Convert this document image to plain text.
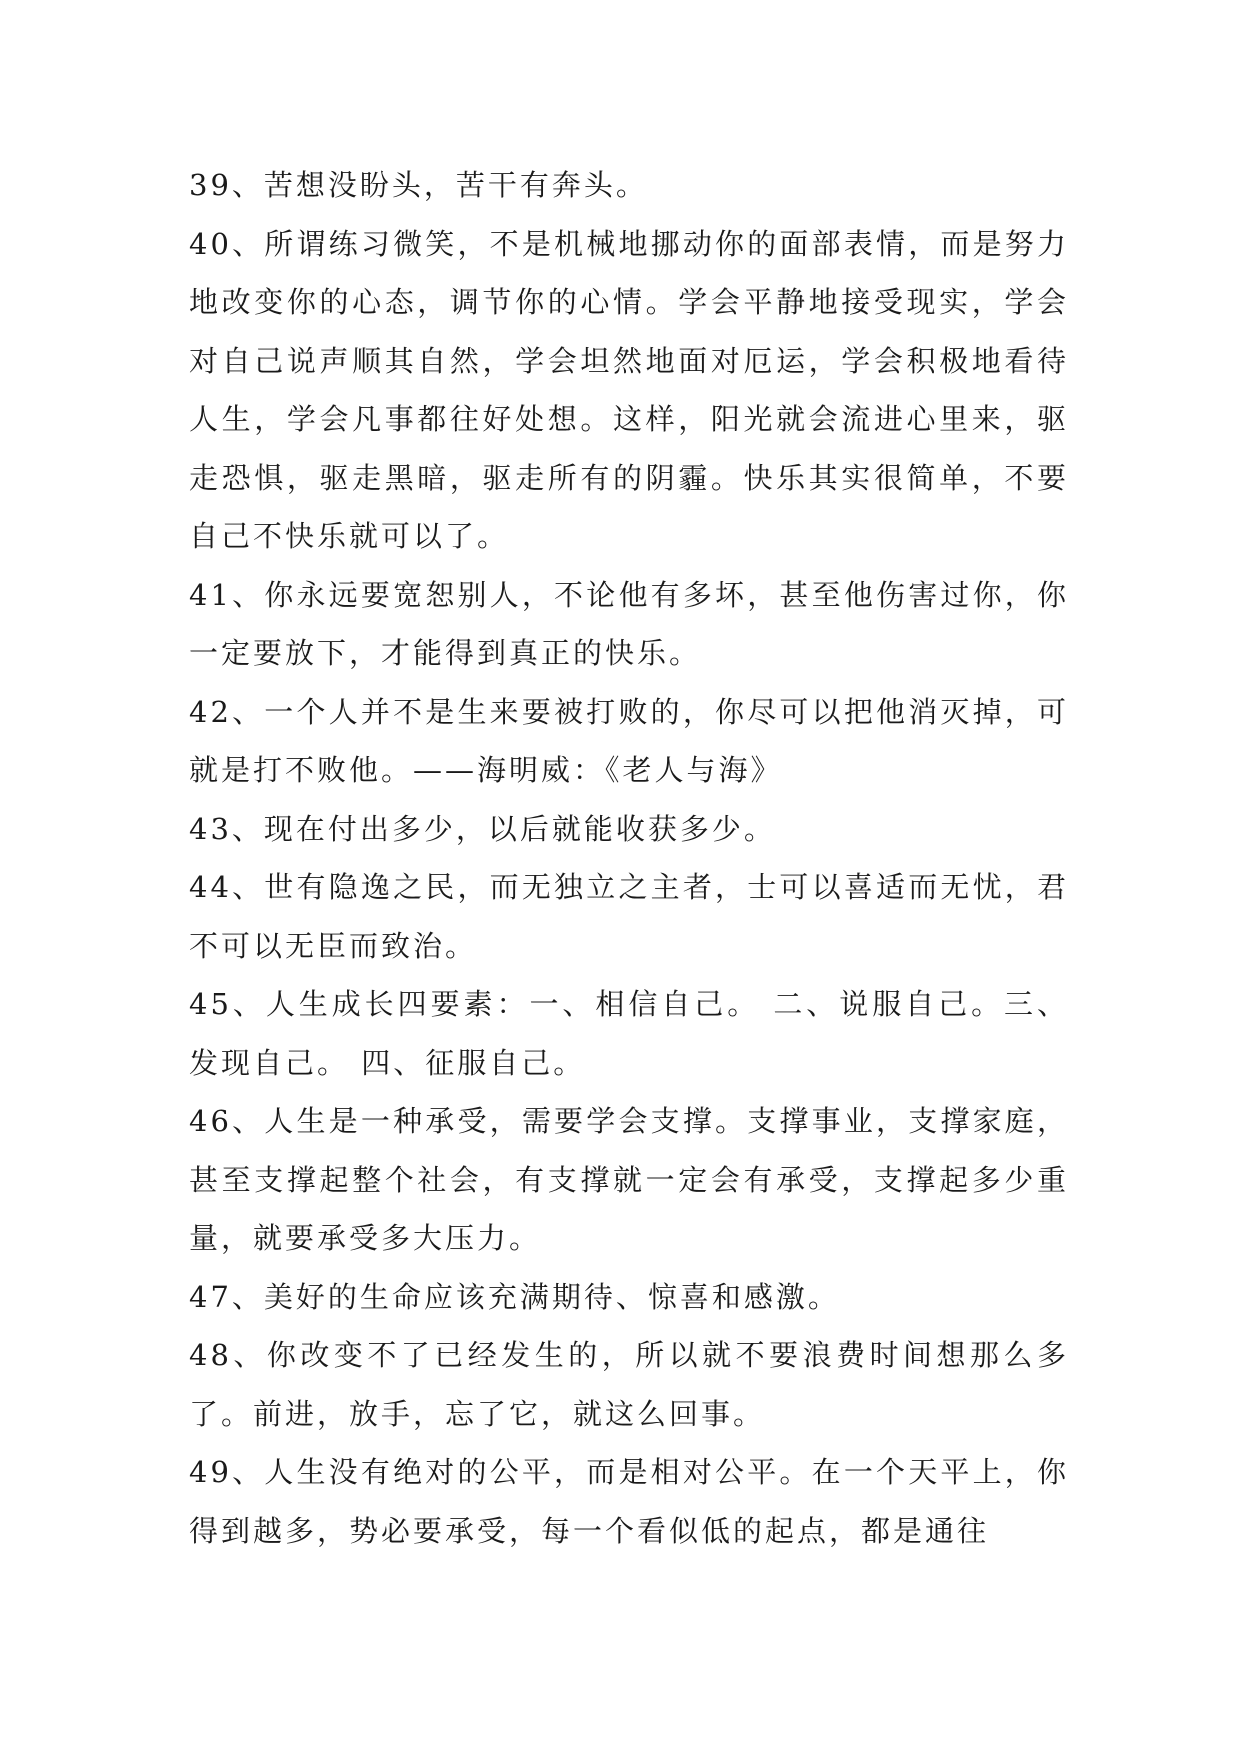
39、苦想没盼头，苦干有奔头。

40、所谓练习微笑，不是机械地挪动你的面部表情，而是努力地改变你的心态，调节你的心情。学会平静地接受现实，学会对自己说声顺其自然，学会坦然地面对厄运，学会积极地看待人生，学会凡事都往好处想。这样，阳光就会流进心里来，驱走恐惧，驱走黑暗，驱走所有的阴霾。快乐其实很简单，不要自己不快乐就可以了。

41、你永远要宽恕别人，不论他有多坏，甚至他伤害过你，你一定要放下，才能得到真正的快乐。

42、一个人并不是生来要被打败的，你尽可以把他消灭掉，可就是打不败他。——海明威：《老人与海》

43、现在付出多少，以后就能收获多少。

44、世有隐逸之民，而无独立之主者，士可以喜适而无忧，君不可以无臣而致治。

45、人生成长四要素：一、相信自己。 二、说服自己。三、发现自己。 四、征服自己。

46、人生是一种承受，需要学会支撑。支撑事业，支撑家庭，甚至支撑起整个社会，有支撑就一定会有承受，支撑起多少重量，就要承受多大压力。

47、美好的生命应该充满期待、惊喜和感激。

48、你改变不了已经发生的，所以就不要浪费时间想那么多了。前进，放手，忘了它，就这么回事。

49、人生没有绝对的公平，而是相对公平。在一个天平上，你得到越多，势必要承受，每一个看似低的起点，都是通往
